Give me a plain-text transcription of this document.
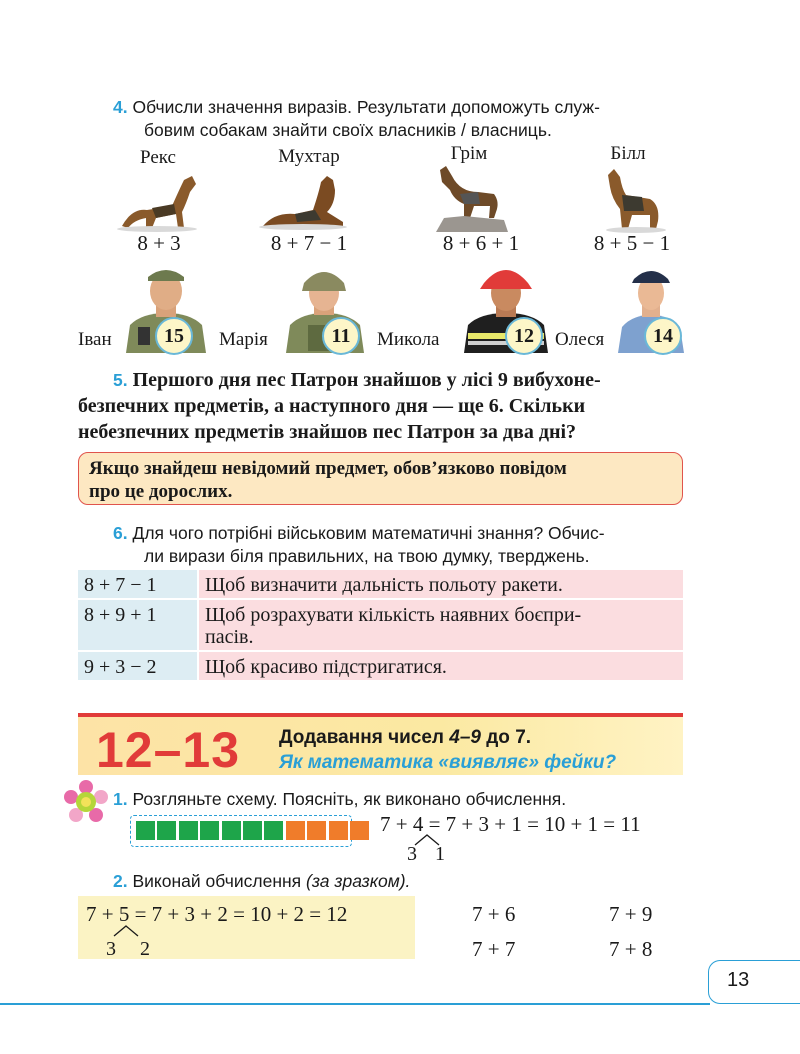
4. Обчисли значення виразів. Результати допоможуть служ-
бовим собакам знайти своїх власників / власниць.
Рекс	Мухтар	Грім	Білл
8 + 3	8 + 7 − 1	8 + 6 + 1	8 + 5 − 1
Іван	15	Марія	11	Микола	12	Олеся	14
5. Першого дня пес Патрон знайшов у лісі 9 вибухоне-
безпечних предметів, а наступного дня — ще 6. Скільки
небезпечних предметів знайшов пес Патрон за два дні?
Якщо знайдеш невідомий предмет, обов’язково повідом
про це дорослих.
6. Для чого потрібні військовим математичні знання? Обчис-
ли вирази біля правильних, на твою думку, тверджень.
8 + 7 − 1	Щоб визначити дальність польоту ракети.
8 + 9 + 1	Щоб розрахувати кількість наявних боєпри-
пасів.

9 + 3 − 2	Щоб красиво підстригатися.
12–13 Додавання чисел 4–9 до 7.
Як математика «виявляє» фейки?
1. Розгляньте схему. Поясніть, як виконано обчислення.
7 + 4 = 7 + 3 + 1 = 10 + 1 = 11
3 1
2. Виконай обчислення (за зразком).
7 + 5 = 7 + 3 + 2 = 10 + 2 = 12
3 2
7 + 6	7 + 9
7 + 7	7 + 8
13
